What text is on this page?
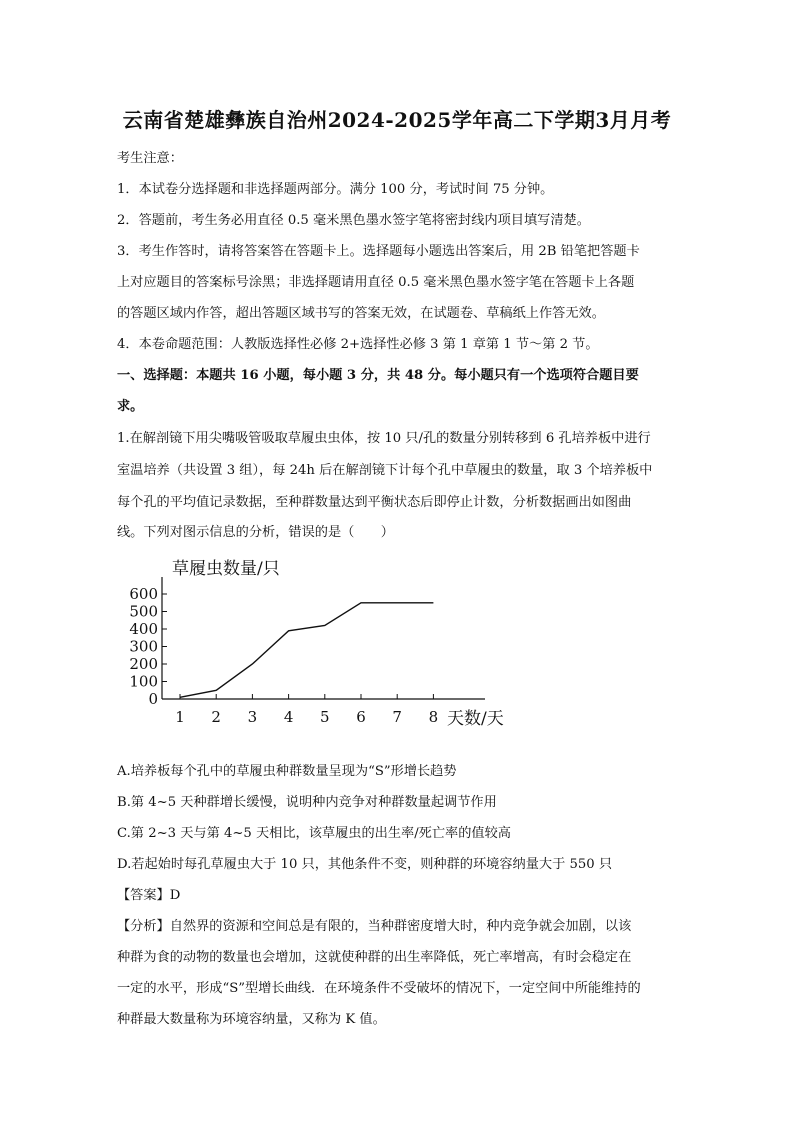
云南省楚雄彝族自治州2024-2025学年高二下学期3月月考
考生注意：
1．本试卷分选择题和非选择题两部分。满分 100 分，考试时间 75 分钟。
2．答题前，考生务必用直径 0.5 毫米黑色墨水签字笔将密封线内项目填写清楚。
3．考生作答时，请将答案答在答题卡上。选择题每小题选出答案后，用 2B 铅笔把答题卡
上对应题目的答案标号涂黑；非选择题请用直径 0.5 毫米黑色墨水签字笔在答题卡上各题
的答题区域内作答，超出答题区域书写的答案无效，在试题卷、草稿纸上作答无效。
4．本卷命题范围：人教版选择性必修 2+选择性必修 3 第 1 章第 1 节～第 2 节。
一、选择题：本题共 16 小题，每小题 3 分，共 48 分。每小题只有一个选项符合题目要
求。
1.在解剖镜下用尖嘴吸管吸取草履虫虫体，按 10 只/孔的数量分别转移到 6 孔培养板中进行
室温培养（共设置 3 组），每 24h 后在解剖镜下计每个孔中草履虫的数量，取 3 个培养板中
每个孔的平均值记录数据，至种群数量达到平衡状态后即停止计数，分析数据画出如图曲
线。下列对图示信息的分析，错误的是（　　）
草履虫数量/只
天数/天
0
100
200
300
400
500
600
1 2 3 4 5 6 7 8
A.培养板每个孔中的草履虫种群数量呈现为“S”形增长趋势
B.第 4~5 天种群增长缓慢，说明种内竞争对种群数量起调节作用
C.第 2~3 天与第 4~5 天相比，该草履虫的出生率/死亡率的值较高
D.若起始时每孔草履虫大于 10 只，其他条件不变，则种群的环境容纳量大于 550 只
【答案】D
【分析】自然界的资源和空间总是有限的，当种群密度增大时，种内竞争就会加剧，以该
种群为食的动物的数量也会增加，这就使种群的出生率降低，死亡率增高，有时会稳定在
一定的水平，形成“S”型增长曲线．在环境条件不受破坏的情况下，一定空间中所能维持的
种群最大数量称为环境容纳量，又称为 K 值。
